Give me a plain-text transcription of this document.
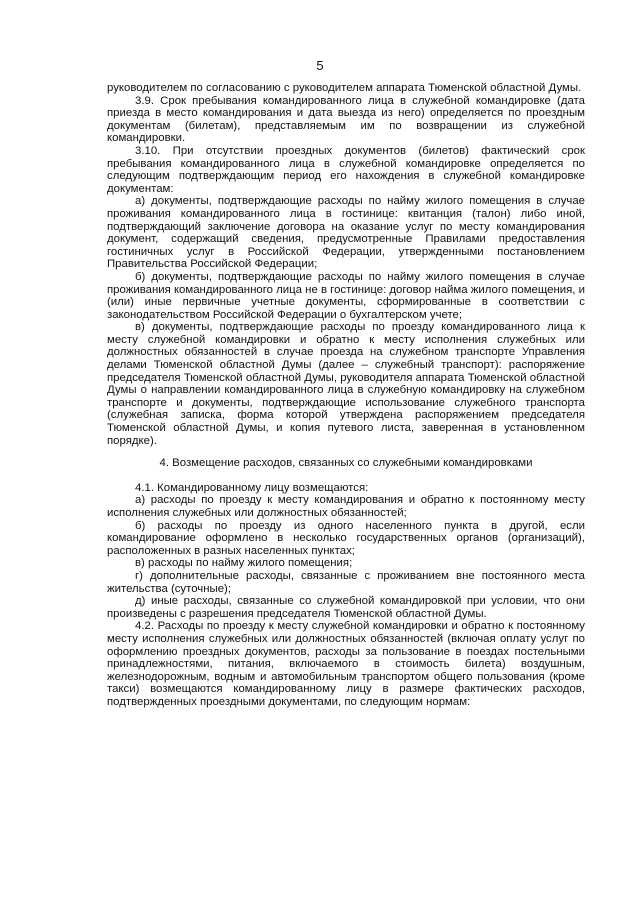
5

руководителем по согласованию с руководителем аппарата Тюменской областной Думы.

3.9. Срок пребывания командированного лица в служебной командировке (дата приезда в место командирования и дата выезда из него) определяется по проездным документам (билетам), представляемым им по возвращении из служебной командировки.

3.10. При отсутствии проездных документов (билетов) фактический срок пребывания командированного лица в служебной командировке определяется по следующим подтверждающим период его нахождения в служебной командировке документам:

а) документы, подтверждающие расходы по найму жилого помещения в случае проживания командированного лица в гостинице: квитанция (талон) либо иной, подтверждающий заключение договора на оказание услуг по месту командирования документ, содержащий сведения, предусмотренные Правилами предоставления гостиничных услуг в Российской Федерации, утвержденными постановлением Правительства Российской Федерации;

б) документы, подтверждающие расходы по найму жилого помещения в случае проживания командированного лица не в гостинице: договор найма жилого помещения, и (или) иные первичные учетные документы, сформированные в соответствии с законодательством Российской Федерации о бухгалтерском учете;

в) документы, подтверждающие расходы по проезду командированного лица к месту служебной командировки и обратно к месту исполнения служебных или должностных обязанностей в случае проезда на служебном транспорте Управления делами Тюменской областной Думы (далее – служебный транспорт): распоряжение председателя Тюменской областной Думы, руководителя аппарата Тюменской областной Думы о направлении командированного лица в служебную командировку на служебном транспорте и документы, подтверждающие использование служебного транспорта (служебная записка, форма которой утверждена распоряжением председателя Тюменской областной Думы, и копия путевого листа, заверенная в установленном порядке).

4. Возмещение расходов, связанных со служебными командировками

4.1. Командированному лицу возмещаются:

а) расходы по проезду к месту командирования и обратно к постоянному месту исполнения служебных или должностных обязанностей;

б) расходы по проезду из одного населенного пункта в другой, если командирование оформлено в несколько государственных органов (организаций), расположенных в разных населенных пунктах;

в) расходы по найму жилого помещения;

г) дополнительные расходы, связанные с проживанием вне постоянного места жительства (суточные);

д) иные расходы, связанные со служебной командировкой при условии, что они произведены с разрешения председателя Тюменской областной Думы.

4.2. Расходы по проезду к месту служебной командировки и обратно к постоянному месту исполнения служебных или должностных обязанностей (включая оплату услуг по оформлению проездных документов, расходы за пользование в поездах постельными принадлежностями, питания, включаемого в стоимость билета) воздушным, железнодорожным, водным и автомобильным транспортом общего пользования (кроме такси) возмещаются командированному лицу в размере фактических расходов, подтвержденных проездными документами, по следующим нормам:
